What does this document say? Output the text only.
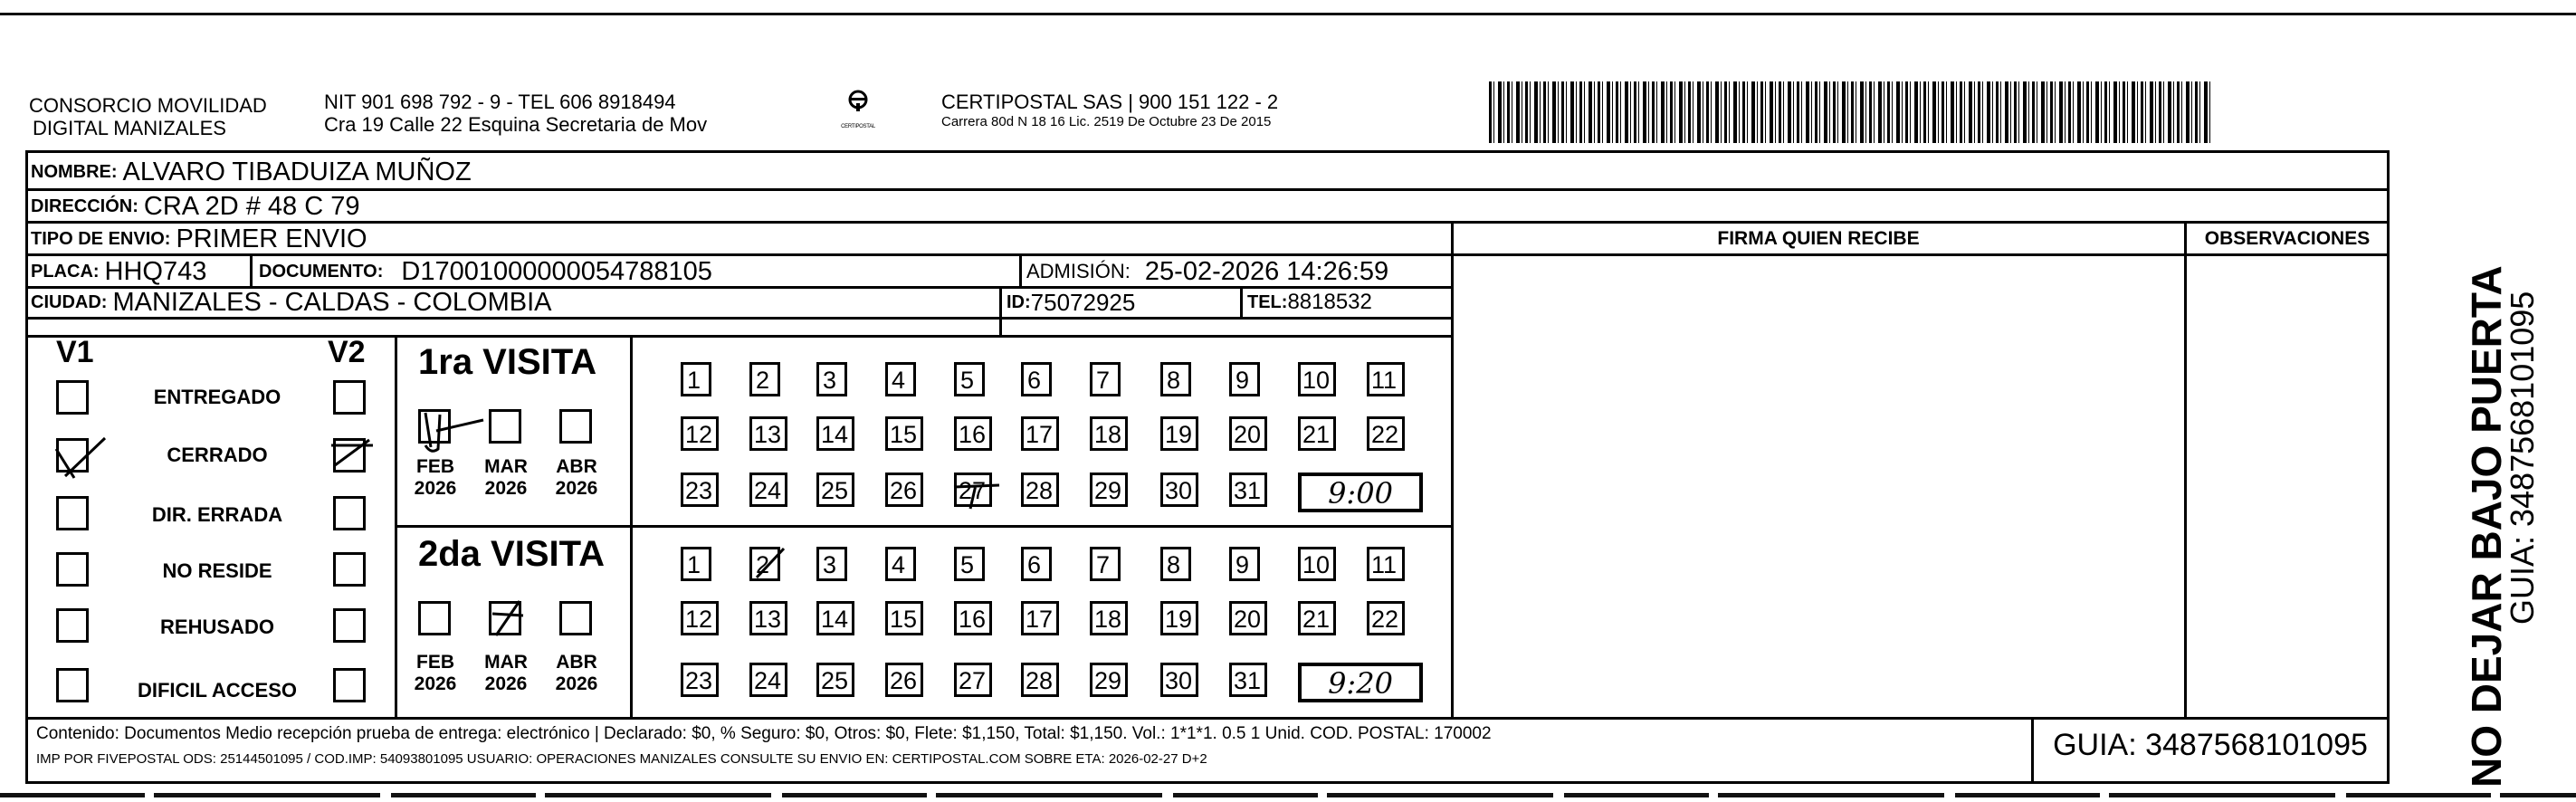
CONSORCIO MOVILIDAD
DIGITAL MANIZALES
NIT 901 698 792 - 9 - TEL 606 8918494
Cra 19 Calle 22 Esquina Secretaria de Mov	CERTIPOSTAL
CERTIPOSTAL SAS | 900 151 122 - 2
Carrera 80d N 18 16 Lic. 2519 De Octubre 23 De 2015
NOMBRE: ALVARO TIBADUIZA MUÑOZ
DIRECCIÓN: CRA 2D # 48 C 79
TIPO DE ENVIO: PRIMER ENVIO
PLACA: HHQ743	DOCUMENTO: D17001000000054788105	ADMISIÓN: 25-02-2026 14:26:59
CIUDAD: MANIZALES - CALDAS - COLOMBIA	ID: 75072925	TEL: 8818532
FIRMA QUIEN RECIBE	OBSERVACIONES
V1	V2
ENTREGADO
CERRADO
DIR. ERRADA
NO RESIDE
REHUSADO
DIFICIL ACCESO
1ra VISITA
2da VISITA
FEB
2026
MAR
2026
ABR
2026
FEB
2026
MAR
2026
ABR
2026
1	2	3	4	5	6	7	8	9	10 11
12 13 14 15 16 17 18 19 20 21 22
23 24 25 26 27 28 29 30 31
1	2	3	4	5	6	7	8	9	10 11
12 13 14 15 16 17 18 19 20 21 22
23 24 25 26 27 28 29 30 31
9:00
9:20
Contenido: Documentos Medio recepción prueba de entrega: electrónico | Declarado: $0, % Seguro: $0, Otros: $0, Flete: $1,150, Total: $1,150. Vol.: 1*1*1. 0.5 1 Unid. COD. POSTAL: 170002
IMP POR FIVEPOSTAL ODS: 25144501095 / COD.IMP: 54093801095 USUARIO: OPERACIONES MANIZALES CONSULTE SU ENVIO EN: CERTIPOSTAL.COM SOBRE ETA: 2026-02-27 D+2	GUIA: 3487568101095	NO DEJAR BAJO PUERTA
GUIA: 3487568101095
